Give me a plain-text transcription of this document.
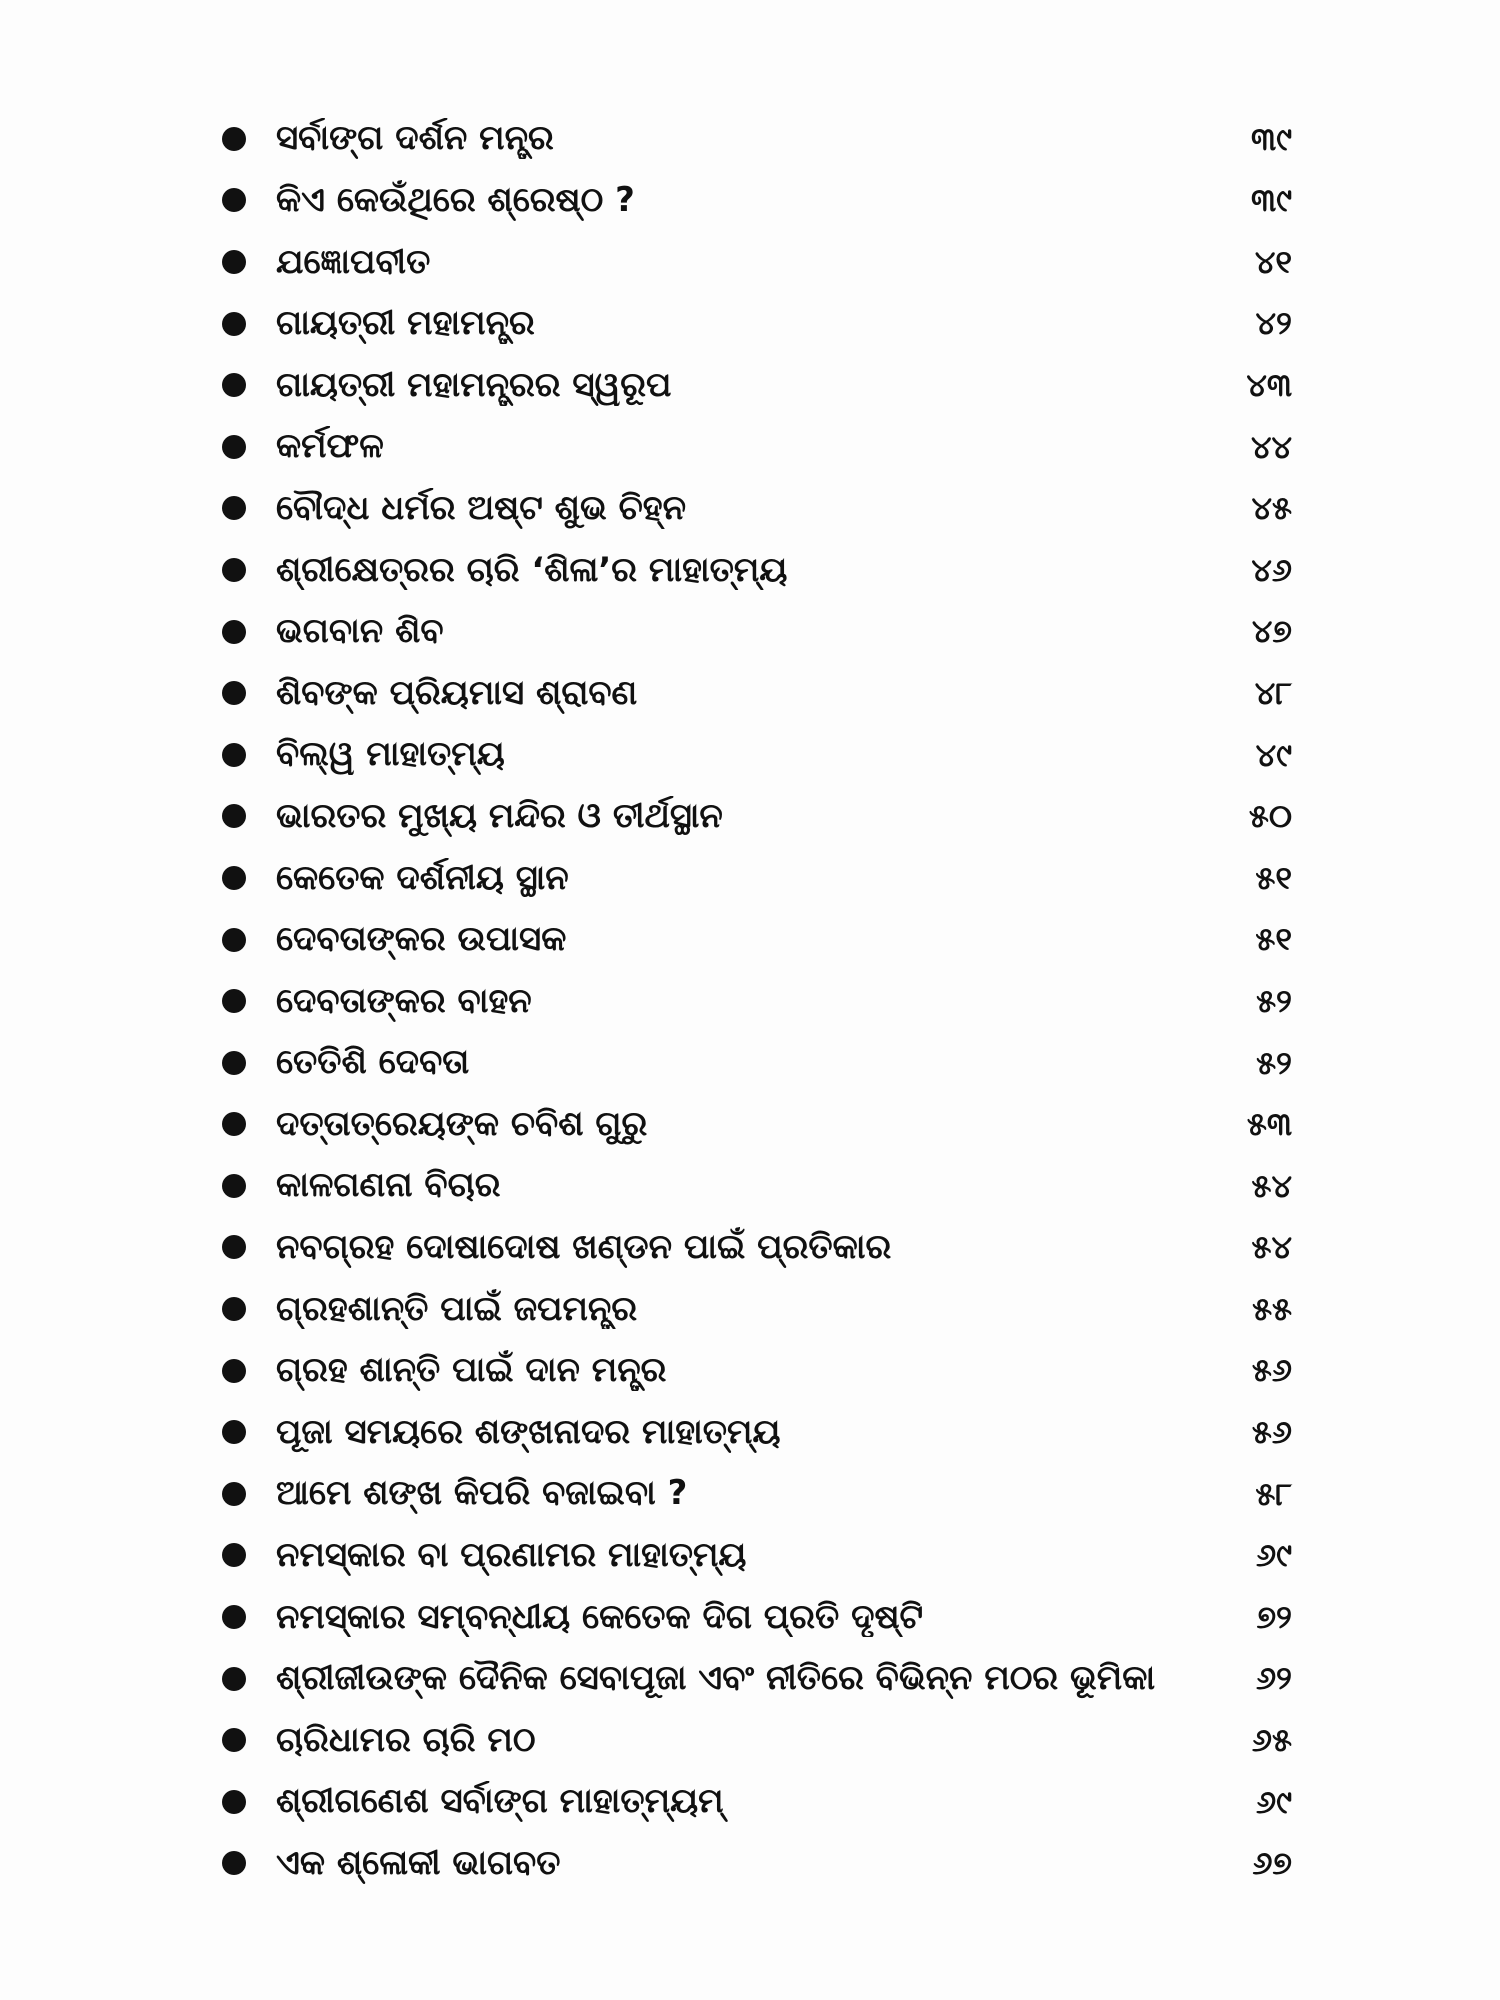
ସର୍ବାଙ୍ଗ ଦର୍ଶନ ମନ୍ତ୍ର	୩୯
କିଏ କେଉଁଥିରେ ଶ୍ରେଷ୍ଠ ?	୩୯
ଯଜ୍ଞୋପବୀତ	୪୧
ଗାୟତ୍ରୀ ମହାମନ୍ତ୍ର	୪୨
ଗାୟତ୍ରୀ ମହାମନ୍ତ୍ରର ସ୍ୱରୂପ	୪୩
କର୍ମଫଳ	୪୪
ବୌଦ୍ଧ ଧର୍ମର ଅଷ୍ଟ ଶୁଭ ଚିହ୍ନ	୪୫
ଶ୍ରୀକ୍ଷେତ୍ରର ଚାରି ‘ଶିଳା’ର ମାହାତ୍ମ୍ୟ	୪୬
ଭଗବାନ ଶିବ	୪୭
ଶିବଙ୍କ ପ୍ରିୟମାସ ଶ୍ରାବଣ	୪୮
ବିଲ୍ୱ ମାହାତ୍ମ୍ୟ	୪୯
ଭାରତର ମୁଖ୍ୟ ମନ୍ଦିର ଓ ତୀର୍ଥସ୍ଥାନ	୫୦
କେତେକ ଦର୍ଶନୀୟ ସ୍ଥାନ	୫୧
ଦେବତାଙ୍କର ଉପାସକ	୫୧
ଦେବତାଙ୍କର ବାହନ	୫୨
ତେତିଶି ଦେବତା	୫୨
ଦତ୍ତାତ୍ରେୟଙ୍କ ଚବିଶ ଗୁରୁ	୫୩
କାଳଗଣନା ବିଚାର	୫୪
ନବଗ୍ରହ ଦୋଷାଦୋଷ ଖଣ୍ଡନ ପାଇଁ ପ୍ରତିକାର	୫୪
ଗ୍ରହଶାନ୍ତି ପାଇଁ ଜପମନ୍ତ୍ର	୫୫
ଗ୍ରହ ଶାନ୍ତି ପାଇଁ ଦାନ ମନ୍ତ୍ର	୫୬
ପୂଜା ସମୟରେ ଶଙ୍ଖନାଦର ମାହାତ୍ମ୍ୟ	୫୬
ଆମେ ଶଙ୍ଖ କିପରି ବଜାଇବା ?	୫୮
ନମସ୍କାର ବା ପ୍ରଣାମର ମାହାତ୍ମ୍ୟ	୬୯
ନମସ୍କାର ସମ୍ବନ୍ଧୀୟ କେତେକ ଦିଗ ପ୍ରତି ଦୃଷ୍ଟି	୭୨
ଶ୍ରୀଜୀଉଙ୍କ ଦୈନିକ ସେବାପୂଜା ଏବଂ ନୀତିରେ ବିଭିନ୍ନ ମଠର ଭୂମିକା	୬୨
ଚାରିଧାମର ଚାରି ମଠ	୬୫
ଶ୍ରୀଗଣେଶ ସର୍ବାଙ୍ଗ ମାହାତ୍ମ୍ୟମ୍	୬୯
ଏକ ଶ୍ଳୋକୀ ଭାଗବତ	୬୭
